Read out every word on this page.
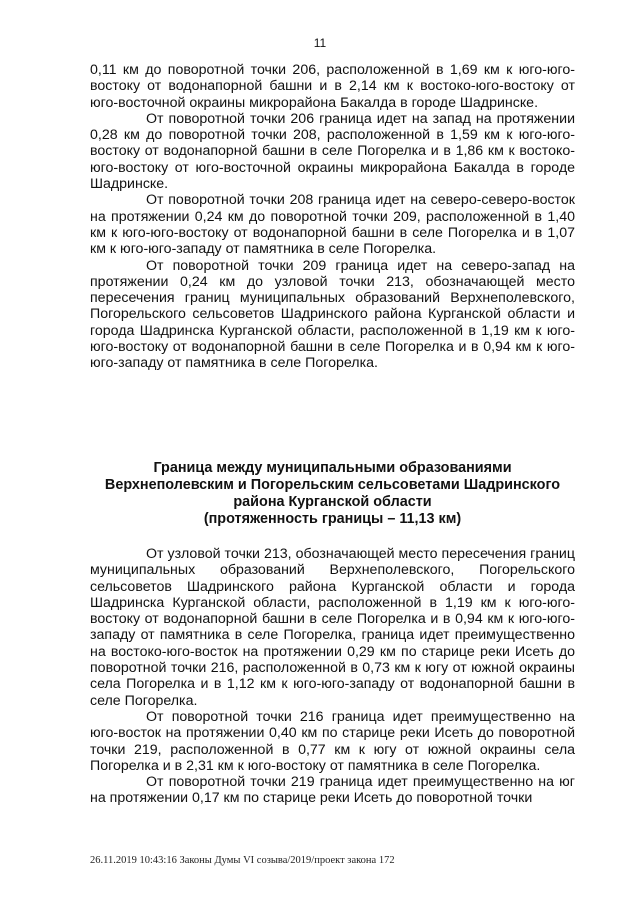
11

0,11 км до поворотной точки 206, расположенной в 1,69 км к юго-юго-востоку от водонапорной башни и в 2,14 км к востоко-юго-востоку от юго-восточной окраины микрорайона Бакалда в городе Шадринске.

От поворотной точки 206 граница идет на запад на протяжении 0,28 км до поворотной точки 208, расположенной в 1,59 км к юго-юго-востоку от водонапорной башни в селе Погорелка и в 1,86 км к востоко-юго-востоку от юго-восточной окраины микрорайона Бакалда в городе Шадринске.

От поворотной точки 208 граница идет на северо-северо-восток на протяжении 0,24 км до поворотной точки 209, расположенной в 1,40 км к юго-юго-востоку от водонапорной башни в селе Погорелка и в 1,07 км к юго-юго-западу от памятника в селе Погорелка.

От поворотной точки 209 граница идет на северо-запад на протяжении 0,24 км до узловой точки 213, обозначающей место пересечения границ муниципальных образований Верхнеполевского, Погорельского сельсоветов Шадринского района Курганской области и города Шадринска Курганской области, расположенной в 1,19 км к юго-юго-востоку от водонапорной башни в селе Погорелка и в 0,94 км к юго-юго-западу от памятника в селе Погорелка.

Граница между муниципальными образованиями
Верхнеполевским и Погорельским сельсоветами Шадринского
района Курганской области
(протяженность границы – 11,13 км)

От узловой точки 213, обозначающей место пересечения границ муниципальных образований Верхнеполевского, Погорельского сельсоветов Шадринского района Курганской области и города Шадринска Курганской области, расположенной в 1,19 км к юго-юго-востоку от водонапорной башни в селе Погорелка и в 0,94 км к юго-юго-западу от памятника в селе Погорелка, граница идет преимущественно на востоко-юго-восток на протяжении 0,29 км по старице реки Исеть до поворотной точки 216, расположенной в 0,73 км к югу от южной окраины села Погорелка и в 1,12 км к юго-юго-западу от водонапорной башни в селе Погорелка.

От поворотной точки 216 граница идет преимущественно на юго-восток на протяжении 0,40 км по старице реки Исеть до поворотной точки 219, расположенной в 0,77 км к югу от южной окраины села Погорелка и в 2,31 км к юго-востоку от памятника в селе Погорелка.

От поворотной точки 219 граница идет преимущественно на юг на протяжении 0,17 км по старице реки Исеть до поворотной точки

26.11.2019 10:43:16 Законы Думы VI созыва/2019/проект закона 172
